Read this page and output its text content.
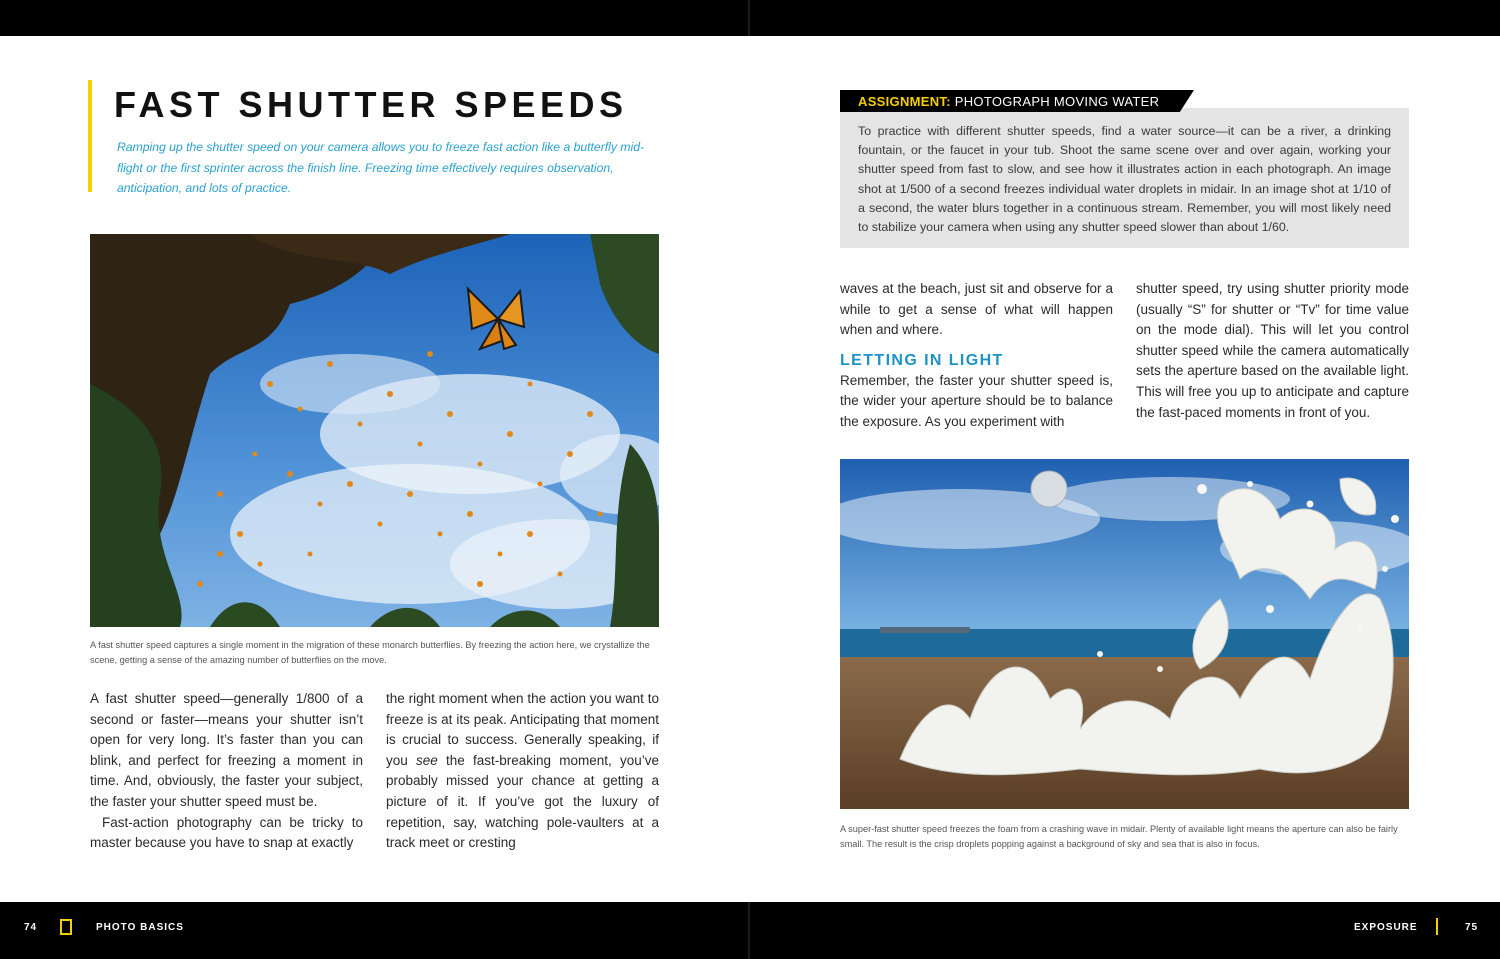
FAST SHUTTER SPEEDS

Ramping up the shutter speed on your camera allows you to freeze fast action like a butterfly mid-flight or the first sprinter across the finish line. Freezing time effectively requires observation, anticipation, and lots of practice.

A fast shutter speed captures a single moment in the migration of these monarch butterflies. By freezing the action here, we crystallize the scene, getting a sense of the amazing number of butterflies on the move.

A fast shutter speed—generally 1/800 of a second or faster—means your shutter isn’t open for very long. It’s faster than you can blink, and perfect for freezing a moment in time. And, obviously, the faster your subject, the faster your shutter speed must be.

Fast-action photography can be tricky to master because you have to snap at exactly

the right moment when the action you want to freeze is at its peak. Anticipating that moment is crucial to success. Generally speaking, if you see the fast-breaking moment, you’ve probably missed your chance at getting a picture of it. If you’ve got the luxury of repetition, say, watching pole-vaulters at a track meet or cresting

ASSIGNMENT: PHOTOGRAPH MOVING WATER

To practice with different shutter speeds, find a water source—it can be a river, a drinking fountain, or the faucet in your tub. Shoot the same scene over and over again, working your shutter speed from fast to slow, and see how it illustrates action in each photograph. An image shot at 1/500 of a second freezes individual water droplets in midair. In an image shot at 1/10 of a second, the water blurs together in a continuous stream. Remember, you will most likely need to stabilize your camera when using any shutter speed slower than about 1/60.

waves at the beach, just sit and observe for a while to get a sense of what will happen when and where.

LETTING IN LIGHT

Remember, the faster your shutter speed is, the wider your aperture should be to balance the exposure. As you experiment with

shutter speed, try using shutter priority mode (usually “S” for shutter or “Tv” for time value on the mode dial). This will let you control shutter speed while the camera automatically sets the aperture based on the available light. This will free you up to anticipate and capture the fast-paced moments in front of you.

A super-fast shutter speed freezes the foam from a crashing wave in midair. Plenty of available light means the aperture can also be fairly small. The result is the crisp droplets popping against a background of sky and sea that is also in focus.

74	PHOTO BASICS	EXPOSURE	75
